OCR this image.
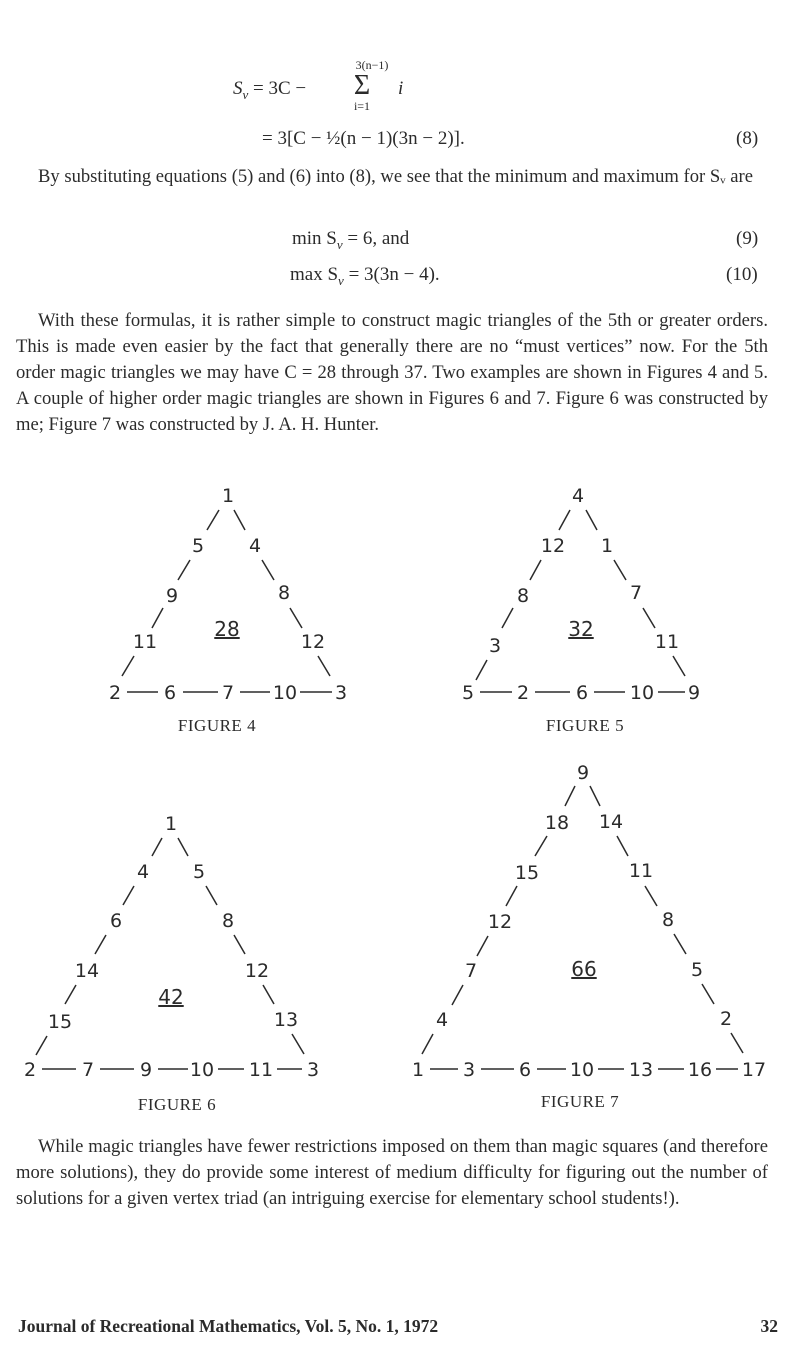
$S_v = 3C$ −
3(n−1)
Σ
i=1
i
= 3[C − ½(n − 1)(3n − 2)].	(8)
By substituting equations (5) and (6) into (8), we see that the minimum and maximum for Sᵥ are
$\min S_v = 6$, and	(9)
$\max S_v = 3(3n - 4)$.	(10)
With these formulas, it is rather simple to construct magic triangles of the 5th or greater orders. This is made even easier by the fact that generally there are no “must vertices” now. For the 5th order magic triangles we may have C = 28 through 37. Two examples are shown in Figures 4 and 5. A couple of higher order magic triangles are shown in Figures 6 and 7. Figure 6 was constructed by me; Figure 7 was constructed by J. A. H. Hunter.
1
5 4
9	8
11	12
28
2 6 7 10 3
FIGURE 4
4
12 1
8	7
3	11
32
5 2 6 10 9
FIGURE 5
1
4 5
6	8
14	12
15	13
42
2 7 9 10 11 3
FIGURE 6
9
18 14
15	11
12	8
7	5
4	2
66
1 3 6 10 13 16 17
FIGURE 7
While magic triangles have fewer restrictions imposed on them than magic squares (and therefore more solutions), they do provide some interest of medium difficulty for figuring out the number of solutions for a given vertex triad (an intriguing exercise for elementary school students!).
Journal of Recreational Mathematics, Vol. 5, No. 1, 1972	32
